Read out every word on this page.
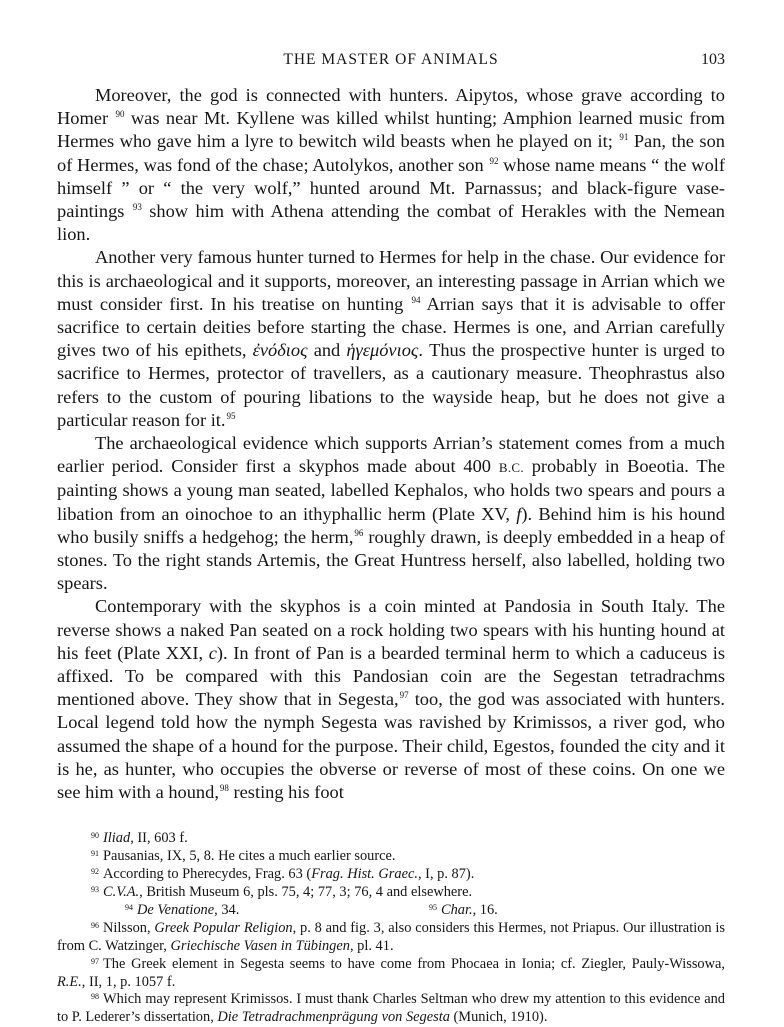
THE MASTER OF ANIMALS	103

Moreover, the god is connected with hunters. Aipytos, whose grave according to Homer $^{90}$ was near Mt. Kyllene was killed whilst hunting; Amphion learned music from Hermes who gave him a lyre to bewitch wild beasts when he played on it; $^{91}$ Pan, the son of Hermes, was fond of the chase; Autolykos, another son $^{92}$ whose name means “ the wolf himself ” or “ the very wolf,” hunted around Mt. Parnassus; and black-figure vase-paintings $^{93}$ show him with Athena attending the combat of Herakles with the Nemean lion.

Another very famous hunter turned to Hermes for help in the chase. Our evidence for this is archaeological and it supports, moreover, an interesting passage in Arrian which we must consider first. In his treatise on hunting $^{94}$ Arrian says that it is advisable to offer sacrifice to certain deities before starting the chase. Hermes is one, and Arrian carefully gives two of his epithets, ἐνόδιος and ἡγεμόνιος. Thus the prospective hunter is urged to sacrifice to Hermes, protector of travellers, as a cautionary measure. Theophrastus also refers to the custom of pouring libations to the wayside heap, but he does not give a particular reason for it.$^{95}$

The archaeological evidence which supports Arrian’s statement comes from a much earlier period. Consider first a skyphos made about 400 B.C. probably in Boeotia. The painting shows a young man seated, labelled Kephalos, who holds two spears and pours a libation from an oinochoe to an ithyphallic herm (Plate XV, f). Behind him is his hound who busily sniffs a hedgehog; the herm,$^{96}$ roughly drawn, is deeply embedded in a heap of stones. To the right stands Artemis, the Great Huntress herself, also labelled, holding two spears.

Contemporary with the skyphos is a coin minted at Pandosia in South Italy. The reverse shows a naked Pan seated on a rock holding two spears with his hunting hound at his feet (Plate XXI, c). In front of Pan is a bearded terminal herm to which a caduceus is affixed. To be compared with this Pandosian coin are the Segestan tetradrachms mentioned above. They show that in Segesta,$^{97}$ too, the god was associated with hunters. Local legend told how the nymph Segesta was ravished by Krimissos, a river god, who assumed the shape of a hound for the purpose. Their child, Egestos, founded the city and it is he, as hunter, who occupies the obverse or reverse of most of these coins. On one we see him with a hound,$^{98}$ resting his foot

$^{90}$ Iliad, II, 603 f.

$^{91}$ Pausanias, IX, 5, 8. He cites a much earlier source.

$^{92}$ According to Pherecydes, Frag. 63 (Frag. Hist. Graec., I, p. 87).

$^{93}$ C.V.A., British Museum 6, pls. 75, 4; 77, 3; 76, 4 and elsewhere.

$^{94}$ De Venatione, 34.	$^{95}$ Char., 16.

$^{96}$ Nilsson, Greek Popular Religion, p. 8 and fig. 3, also considers this Hermes, not Priapus. Our illustration is from C. Watzinger, Griechische Vasen in Tübingen, pl. 41.

$^{97}$ The Greek element in Segesta seems to have come from Phocaea in Ionia; cf. Ziegler, Pauly-Wissowa, R.E., II, 1, p. 1057 f.

$^{98}$ Which may represent Krimissos. I must thank Charles Seltman who drew my attention to this evidence and to P. Lederer’s dissertation, Die Tetradrachmenprägung von Segesta (Munich, 1910).
